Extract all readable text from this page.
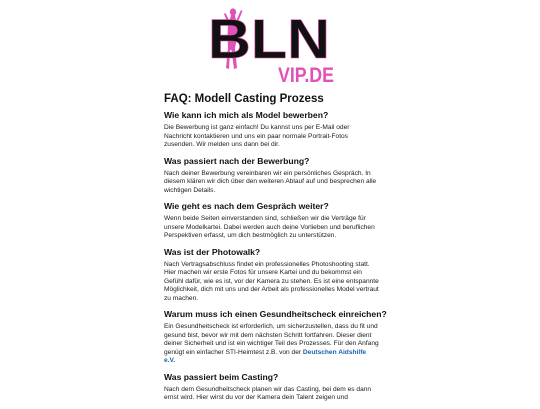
BLN
VIP.DE
FAQ: Modell Casting Prozess
Wie kann ich mich als Model bewerben?

Die Bewerbung ist ganz einfach! Du kannst uns per E-Mail oder Nachricht kontaktieren und uns ein paar normale Portrait-Fotos zusenden. Wir melden uns dann bei dir.

Was passiert nach der Bewerbung?

Nach deiner Bewerbung vereinbaren wir ein persönliches Gespräch. In diesem klären wir dich über den weiteren Ablauf auf und besprechen alle wichtigen Details.

Wie geht es nach dem Gespräch weiter?

Wenn beide Seiten einverstanden sind, schließen wir die Verträge für unsere Modelkartei. Dabei werden auch deine Vorlieben und beruflichen Perspektiven erfasst, um dich bestmöglich zu unterstützen.

Was ist der Photowalk?

Nach Vertragsabschluss findet ein professionelles Photoshooting statt. Hier machen wir erste Fotos für unsere Kartei und du bekommst ein Gefühl dafür, wie es ist, vor der Kamera zu stehen. Es ist eine entspannte Möglichkeit, dich mit uns und der Arbeit als professionelles Model vertraut zu machen.

Warum muss ich einen Gesundheitscheck einreichen?

Ein Gesundheitscheck ist erforderlich, um sicherzustellen, dass du fit und gesund bist, bevor wir mit dem nächsten Schritt fortfahren. Dieser dient deiner Sicherheit und ist ein wichtiger Teil des Prozesses. Für den Anfang genügt ein einfacher STI-Heimtest z.B. von der Deutschen Aidshilfe e.V.

Was passiert beim Casting?

Nach dem Gesundheitscheck planen wir das Casting, bei dem es dann ernst wird. Hier wirst du vor der Kamera dein Talent zeigen und
